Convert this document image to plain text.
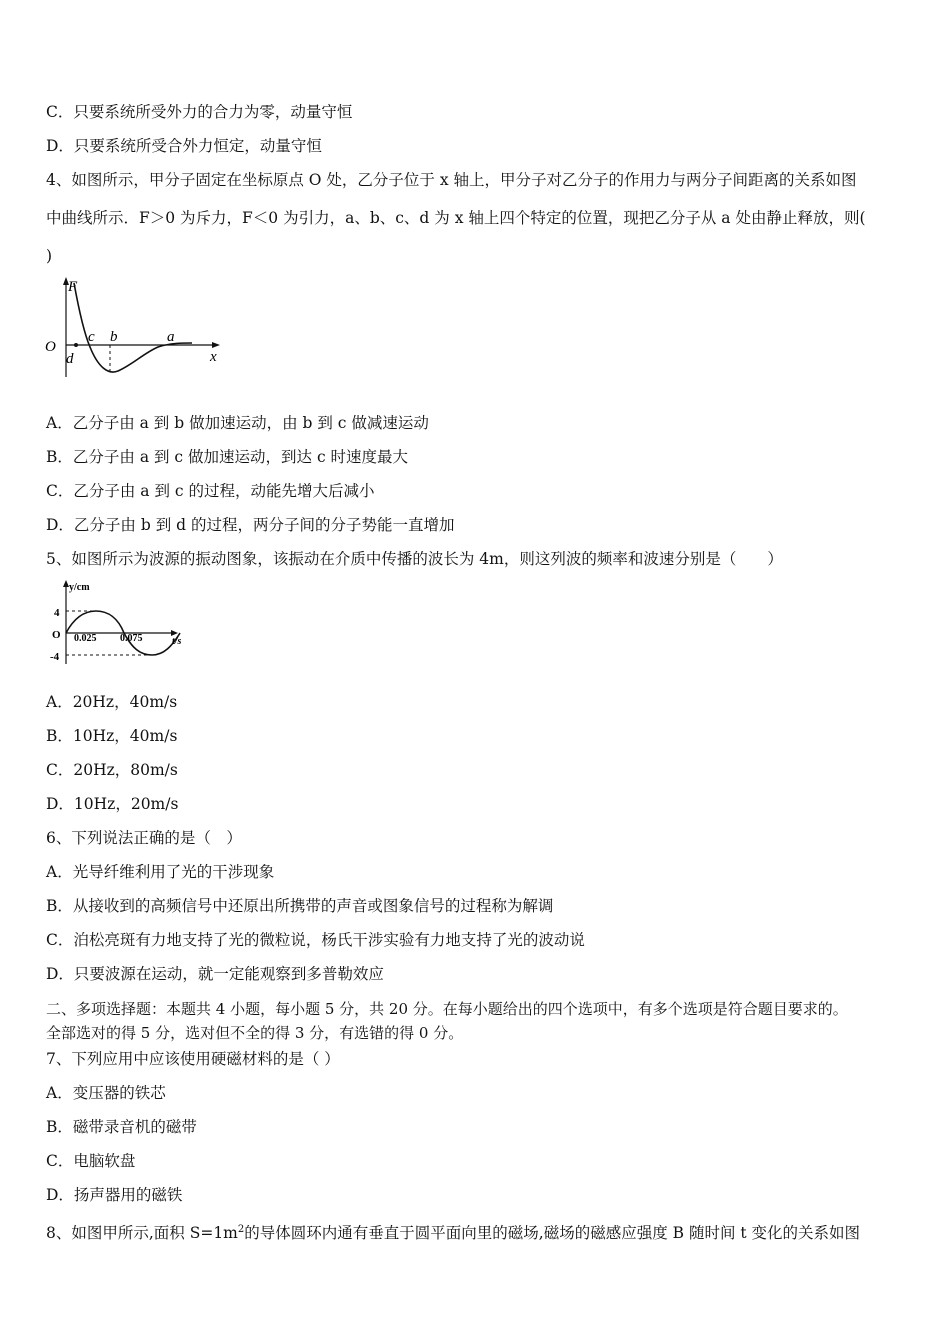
C．只要系统所受外力的合力为零，动量守恒
D．只要系统所受合外力恒定，动量守恒
4、如图所示，甲分子固定在坐标原点 O 处，乙分子位于 x 轴上，甲分子对乙分子的作用力与两分子间距离的关系如图
中曲线所示．F＞0 为斥力，F＜0 为引力，a、b、c、d 为 x 轴上四个特定的位置，现把乙分子从 a 处由静止释放，则(
)
F
O
c b	a
d	x
A．乙分子由 a 到 b 做加速运动，由 b 到 c 做减速运动
B．乙分子由 a 到 c 做加速运动，到达 c 时速度最大
C．乙分子由 a 到 c 的过程，动能先增大后减小
D．乙分子由 b 到 d 的过程，两分子间的分子势能一直增加
5、如图所示为波源的振动图象，该振动在介质中传播的波长为 4m，则这列波的频率和波速分别是（　　）
y/cm
t/s
O
4
-4
0.025 0.075
A．20Hz，40m/s
B．10Hz，40m/s
C．20Hz，80m/s
D．10Hz，20m/s
6、下列说法正确的是（　）
A．光导纤维利用了光的干涉现象
B．从接收到的高频信号中还原出所携带的声音或图象信号的过程称为解调
C．泊松亮斑有力地支持了光的微粒说，杨氏干涉实验有力地支持了光的波动说
D．只要波源在运动，就一定能观察到多普勒效应
二、多项选择题：本题共 4 小题，每小题 5 分，共 20 分。在每小题给出的四个选项中，有多个选项是符合题目要求的。
全部选对的得 5 分，选对但不全的得 3 分，有选错的得 0 分。
7、下列应用中应该使用硬磁材料的是（ ）
A．变压器的铁芯
B．磁带录音机的磁带
C．电脑软盘
D．扬声器用的磁铁
8、如图甲所示,面积 $S=1m^2$的导体圆环内通有垂直于圆平面向里的磁场,磁场的磁感应强度 B 随时间 t 变化的关系如图
